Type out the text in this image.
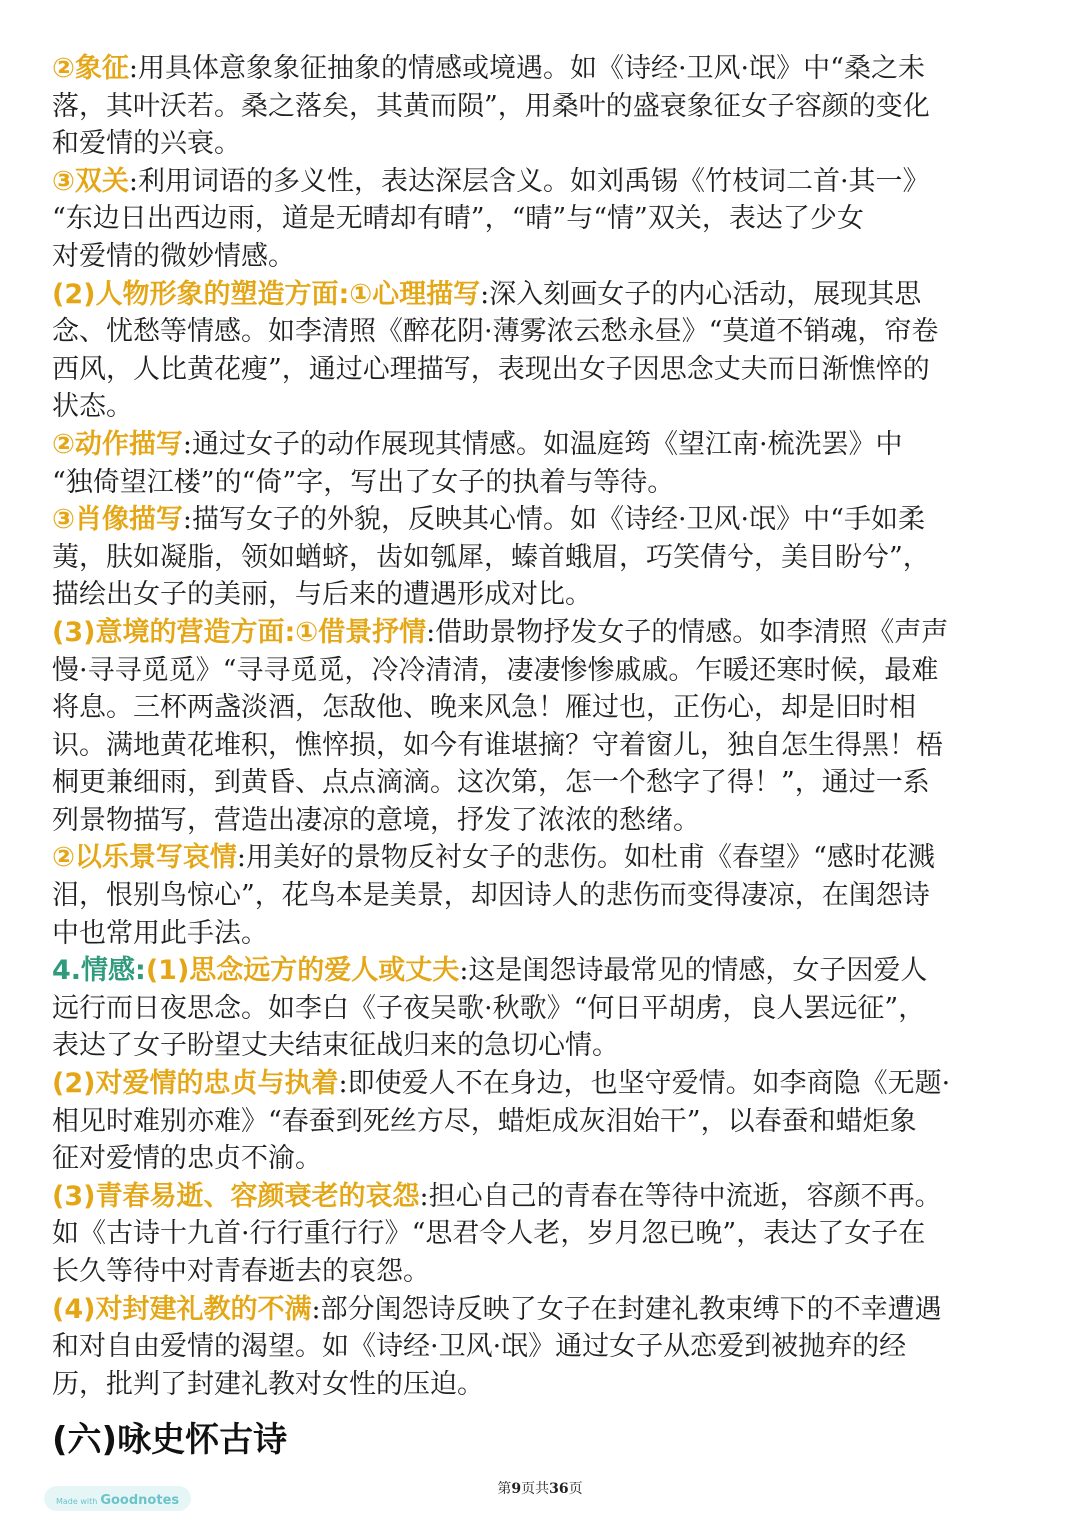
②象征:用具体意象象征抽象的情感或境遇。如《诗经·卫风·氓》中“桑之未
落，其叶沃若。桑之落矣，其黄而陨”，用桑叶的盛衰象征女子容颜的变化
和爱情的兴衰。
③双关:利用词语的多义性，表达深层含义。如刘禹锡《竹枝词二首·其一》
“东边日出西边雨，道是无晴却有晴”，“晴”与“情”双关，表达了少女
对爱情的微妙情感。
(2)人物形象的塑造方面:①心理描写:深入刻画女子的内心活动，展现其思
念、忧愁等情感。如李清照《醉花阴·薄雾浓云愁永昼》“莫道不销魂，帘卷
西风，人比黄花瘦”，通过心理描写，表现出女子因思念丈夫而日渐憔悴的
状态。
②动作描写:通过女子的动作展现其情感。如温庭筠《望江南·梳洗罢》中
“独倚望江楼”的“倚”字，写出了女子的执着与等待。
③肖像描写:描写女子的外貌，反映其心情。如《诗经·卫风·氓》中“手如柔
荑，肤如凝脂，领如蝤蛴，齿如瓠犀，螓首蛾眉，巧笑倩兮，美目盼兮”，
描绘出女子的美丽，与后来的遭遇形成对比。
(3)意境的营造方面:①借景抒情:借助景物抒发女子的情感。如李清照《声声
慢·寻寻觅觅》“寻寻觅觅，冷冷清清，凄凄惨惨戚戚。乍暖还寒时候，最难
将息。三杯两盏淡酒，怎敌他、晚来风急！雁过也，正伤心，却是旧时相
识。满地黄花堆积，憔悴损，如今有谁堪摘？守着窗儿，独自怎生得黑！梧
桐更兼细雨，到黄昏、点点滴滴。这次第，怎一个愁字了得！”，通过一系
列景物描写，营造出凄凉的意境，抒发了浓浓的愁绪。
②以乐景写哀情:用美好的景物反衬女子的悲伤。如杜甫《春望》“感时花溅
泪，恨别鸟惊心”，花鸟本是美景，却因诗人的悲伤而变得凄凉，在闺怨诗
中也常用此手法。
4.情感:(1)思念远方的爱人或丈夫:这是闺怨诗最常见的情感，女子因爱人
远行而日夜思念。如李白《子夜吴歌·秋歌》“何日平胡虏，良人罢远征”，
表达了女子盼望丈夫结束征战归来的急切心情。
(2)对爱情的忠贞与执着:即使爱人不在身边，也坚守爱情。如李商隐《无题·
相见时难别亦难》“春蚕到死丝方尽，蜡炬成灰泪始干”，以春蚕和蜡炬象
征对爱情的忠贞不渝。
(3)青春易逝、容颜衰老的哀怨:担心自己的青春在等待中流逝，容颜不再。
如《古诗十九首·行行重行行》“思君令人老，岁月忽已晚”，表达了女子在
长久等待中对青春逝去的哀怨。
(4)对封建礼教的不满:部分闺怨诗反映了女子在封建礼教束缚下的不幸遭遇
和对自由爱情的渴望。如《诗经·卫风·氓》通过女子从恋爱到被抛弃的经
历，批判了封建礼教对女性的压迫。
(六)咏史怀古诗
第9页共36页
Made with Goodnotes
